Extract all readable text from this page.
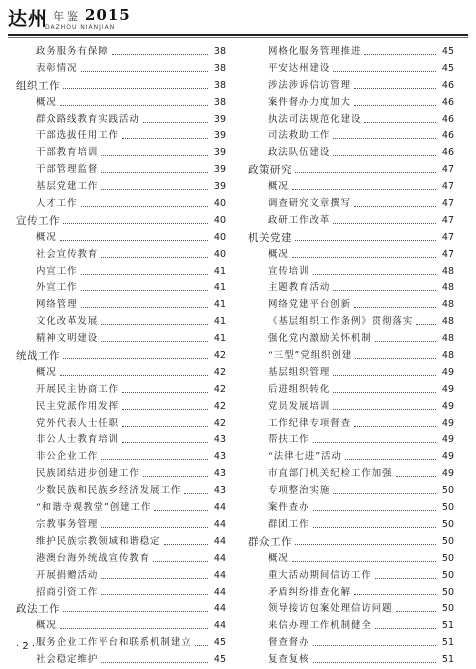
达州 年鉴 2015
DAZHOU NIANJIAN
政务服务有保障	38
表彰情况	38
组织工作	38
概况	38
群众路线教育实践活动	39
干部选拔任用工作	39
干部教育培训	39
干部管理监督	39
基层党建工作	39
人才工作	40
宣传工作	40
概况	40
社会宣传教育	40
内宣工作	41
外宣工作	41
网络管理	41
文化改革发展	41
精神文明建设	41
统战工作	42
概况	42
开展民主协商工作	42
民主党派作用发挥	42
党外代表人士任职	42
非公人士教育培训	43
非公企业工作	43
民族团结进步创建工作	43
少数民族和民族乡经济发展工作	43
“和谐寺观教堂”创建工作	44
宗教事务管理	44
维护民族宗教领域和谐稳定	44
港澳台海外统战宣传教育	44
开展捐赠活动	44
招商引资工作	44
政法工作	44
概况	44
服务企业工作平台和联系机制建立	45
社会稳定维护	45
网格化服务管理推进	45
平安达州建设	45
涉法涉诉信访管理	46
案件督办力度加大	46
执法司法规范化建设	46
司法救助工作	46
政法队伍建设	46
政策研究	47
概况	47
调查研究文章撰写	47
政研工作改革	47
机关党建	47
概况	47
宣传培训	48
主题教育活动	48
网络党建平台创新	48
《基层组织工作条例》贯彻落实	48
强化党内激励关怀机制	48
“三型”党组织创建	48
基层组织管理	49
后进组织转化	49
党员发展培训	49
工作纪律专项督查	49
帮扶工作	49
“法律七进”活动	49
市直部门机关纪检工作加强	49
专项整治实施	50
案件查办	50
群团工作	50
群众工作	50
概况	50
重大活动期间信访工作	50
矛盾纠纷排查化解	50
领导接访包案处理信访问题	50
来信办理工作机制健全	51
督查督办	51
复查复核	51
· 2 ·
